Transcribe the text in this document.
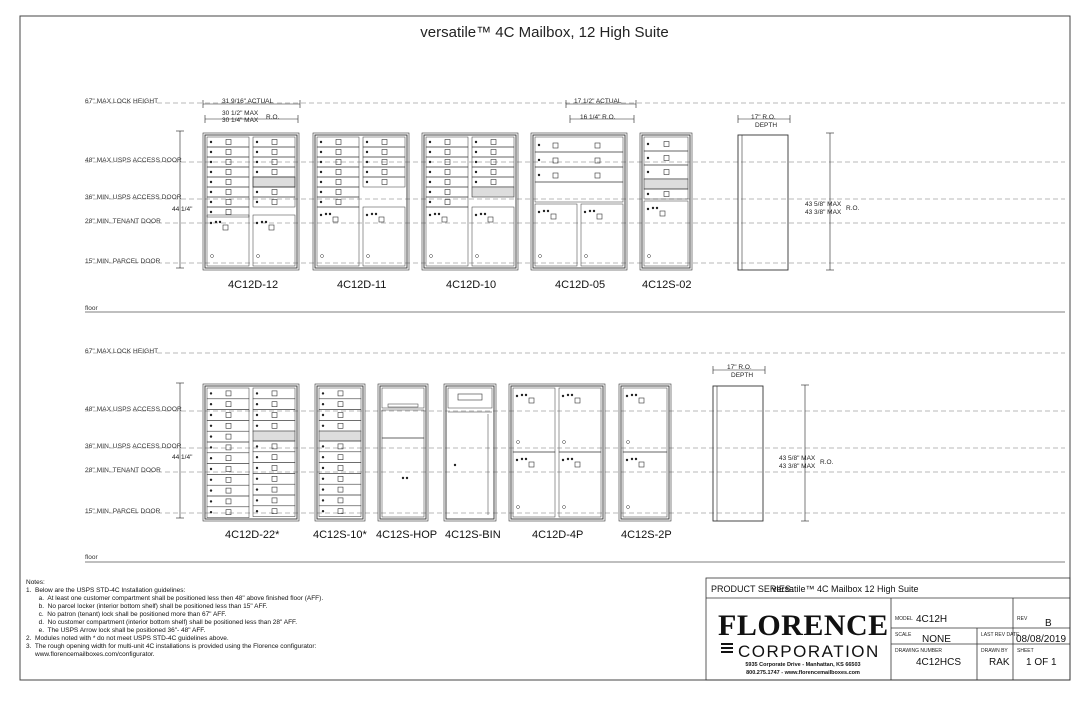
versatile™ 4C Mailbox, 12 High Suite
67" MAX LOCK HEIGHT
48" MAX USPS ACCESS DOOR
36" MIN. USPS ACCESS DOOR
28" MIN. TENANT DOOR
15" MIN. PARCEL DOOR
floor
67" MAX LOCK HEIGHT
48" MAX USPS ACCESS DOOR
36" MIN. USPS ACCESS DOOR
28" MIN. TENANT DOOR
15" MIN. PARCEL DOOR
floor
31 9/16" ACTUAL
30 1/2" MAX
30 1/4" MAX R.O.
17 1/2" ACTUAL
16 1/4" R.O.	17" R.O.
DEPTH
43 5/8" MAX
43 3/8" MAX
R.O.
44 1/4"
17" R.O.
DEPTH
43 5/8" MAX
43 3/8" MAX
R.O.
44 1/4"
4C12D-12	4C12D-11	4C12D-10	4C12D-05	4C12S-02
4C12D-22*	4C12S-10* 4C12S-HOP 4C12S-BIN	4C12D-4P	4C12S-2P
Notes:
1.  Below are the USPS STD-4C Installation guidelines:
a.  At least one customer compartment shall be positioned less then 48" above finished floor (AFF).
b.  No parcel locker (interior bottom shelf) shall be positioned less than 15" AFF.
c.  No patron (tenant) lock shall be positioned more than 67" AFF.
d.  No customer compartment (interior bottom shelf) shall be positioned less than 28" AFF.
e.  The USPS Arrow lock shall be positioned 36"- 48" AFF.
2.  Modules noted with * do not meet USPS STD-4C guidelines above.
3.  The rough opening width for multi-unit 4C installations is provided using the Florence configurator:
www.florencemailboxes.com/configurator.
PRODUCT SERIES:
versatile™ 4C Mailbox 12 High Suite
FLORENCE
CORPORATION
5935 Corporate Drive - Manhattan, KS 66503
800.275.1747 - www.florencemailboxes.com
MODEL 4C12H	REV B
SCALE NONE	LAST REV DATE
08/08/2019
DRAWING NUMBER
4C12HCS
DRAWN BY
RAK
SHEET
1 OF 1
